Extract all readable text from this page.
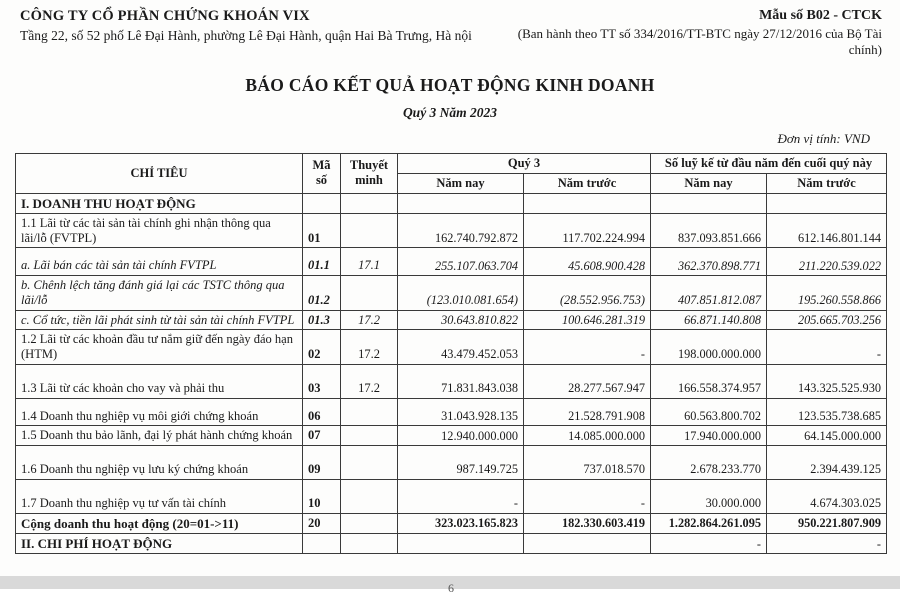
CÔNG TY CỔ PHẦN CHỨNG KHOÁN VIX
Tầng 22, số 52 phố Lê Đại Hành, phường Lê Đại Hành, quận Hai Bà Trưng, Hà nội
Mẫu số B02 - CTCK
(Ban hành theo TT số 334/2016/TT-BTC ngày 27/12/2016 của Bộ Tài chính)
BÁO CÁO KẾT QUẢ HOẠT ĐỘNG KINH DOANH
Quý 3 Năm 2023
Đơn vị tính: VND
CHỈ TIÊU	Mã số	Thuyết minh	Quý 3		Số luỹ kế từ đầu năm đến cuối quý này	
			Năm nay	Năm trước	Năm nay	Năm trước
I. DOANH THU HOẠT ĐỘNG						
1.1 Lãi từ các tài sản tài chính ghi nhận thông qua lãi/lỗ (FVTPL)	01		162.740.792.872	117.702.224.994	837.093.851.666	612.146.801.144
a. Lãi bán các tài sản tài chính FVTPL	01.1	17.1	255.107.063.704	45.608.900.428	362.370.898.771	211.220.539.022
b. Chênh lệch tăng đánh giá lại các TSTC thông qua lãi/lỗ	01.2		(123.010.081.654)	(28.552.956.753)	407.851.812.087	195.260.558.866
c. Cổ tức, tiền lãi phát sinh từ tài sản tài chính FVTPL	01.3	17.2	30.643.810.822	100.646.281.319	66.871.140.808	205.665.703.256
1.2 Lãi từ các khoản đầu tư nắm giữ đến ngày đáo hạn (HTM)	02	17.2	43.479.452.053	-	198.000.000.000	-
1.3 Lãi từ các khoản cho vay và phải thu	03	17.2	71.831.843.038	28.277.567.947	166.558.374.957	143.325.525.930
1.4 Doanh thu nghiệp vụ môi giới chứng khoán	06		31.043.928.135	21.528.791.908	60.563.800.702	123.535.738.685
1.5 Doanh thu bảo lãnh, đại lý phát hành chứng khoán	07		12.940.000.000	14.085.000.000	17.940.000.000	64.145.000.000
1.6 Doanh thu nghiệp vụ lưu ký chứng khoán	09		987.149.725	737.018.570	2.678.233.770	2.394.439.125
1.7 Doanh thu nghiệp vụ tư vấn tài chính	10		-	-	30.000.000	4.674.303.025
Cộng doanh thu hoạt động (20=01->11)	20		323.023.165.823	182.330.603.419	1.282.864.261.095	950.221.807.909
II. CHI PHÍ HOẠT ĐỘNG					-	-
6
